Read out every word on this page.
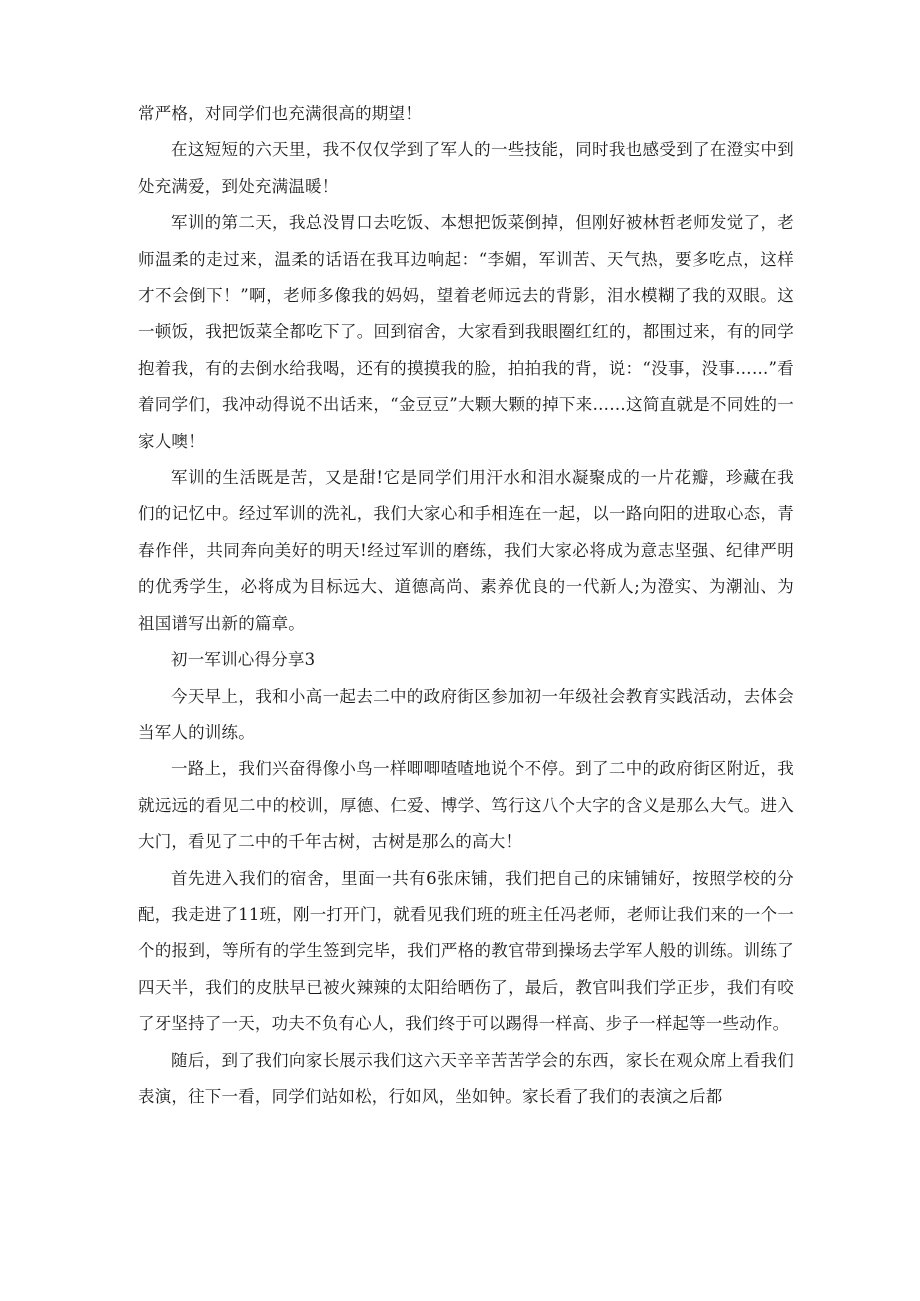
常严格，对同学们也充满很高的期望！

在这短短的六天里，我不仅仅学到了军人的一些技能，同时我也感受到了在澄实中到处充满爱，到处充满温暖！

军训的第二天，我总没胃口去吃饭、本想把饭菜倒掉，但刚好被林哲老师发觉了，老师温柔的走过来，温柔的话语在我耳边响起：“李媚，军训苦、天气热，要多吃点，这样才不会倒下！”啊，老师多像我的妈妈，望着老师远去的背影，泪水模糊了我的双眼。这一顿饭，我把饭菜全都吃下了。回到宿舍，大家看到我眼圈红红的，都围过来，有的同学抱着我，有的去倒水给我喝，还有的摸摸我的脸，拍拍我的背，说：“没事，没事……”看着同学们，我冲动得说不出话来，“金豆豆”大颗大颗的掉下来……这简直就是不同姓的一家人噢！

军训的生活既是苦，又是甜!它是同学们用汗水和泪水凝聚成的一片花瓣，珍藏在我们的记忆中。经过军训的洗礼，我们大家心和手相连在一起，以一路向阳的进取心态，青春作伴，共同奔向美好的明天!经过军训的磨练，我们大家必将成为意志坚强、纪律严明的优秀学生，必将成为目标远大、道德高尚、素养优良的一代新人;为澄实、为潮汕、为祖国谱写出新的篇章。

初一军训心得分享3

今天早上，我和小高一起去二中的政府街区参加初一年级社会教育实践活动，去体会当军人的训练。

一路上，我们兴奋得像小鸟一样唧唧喳喳地说个不停。到了二中的政府街区附近，我就远远的看见二中的校训，厚德、仁爱、博学、笃行这八个大字的含义是那么大气。进入大门，看见了二中的千年古树，古树是那么的高大！

首先进入我们的宿舍，里面一共有6张床铺，我们把自己的床铺铺好，按照学校的分配，我走进了11班，刚一打开门，就看见我们班的班主任冯老师，老师让我们来的一个一个的报到，等所有的学生签到完毕，我们严格的教官带到操场去学军人般的训练。训练了四天半，我们的皮肤早已被火辣辣的太阳给晒伤了，最后，教官叫我们学正步，我们有咬了牙坚持了一天，功夫不负有心人，我们终于可以踢得一样高、步子一样起等一些动作。

随后，到了我们向家长展示我们这六天辛辛苦苦学会的东西，家长在观众席上看我们表演，往下一看，同学们站如松，行如风，坐如钟。家长看了我们的表演之后都
